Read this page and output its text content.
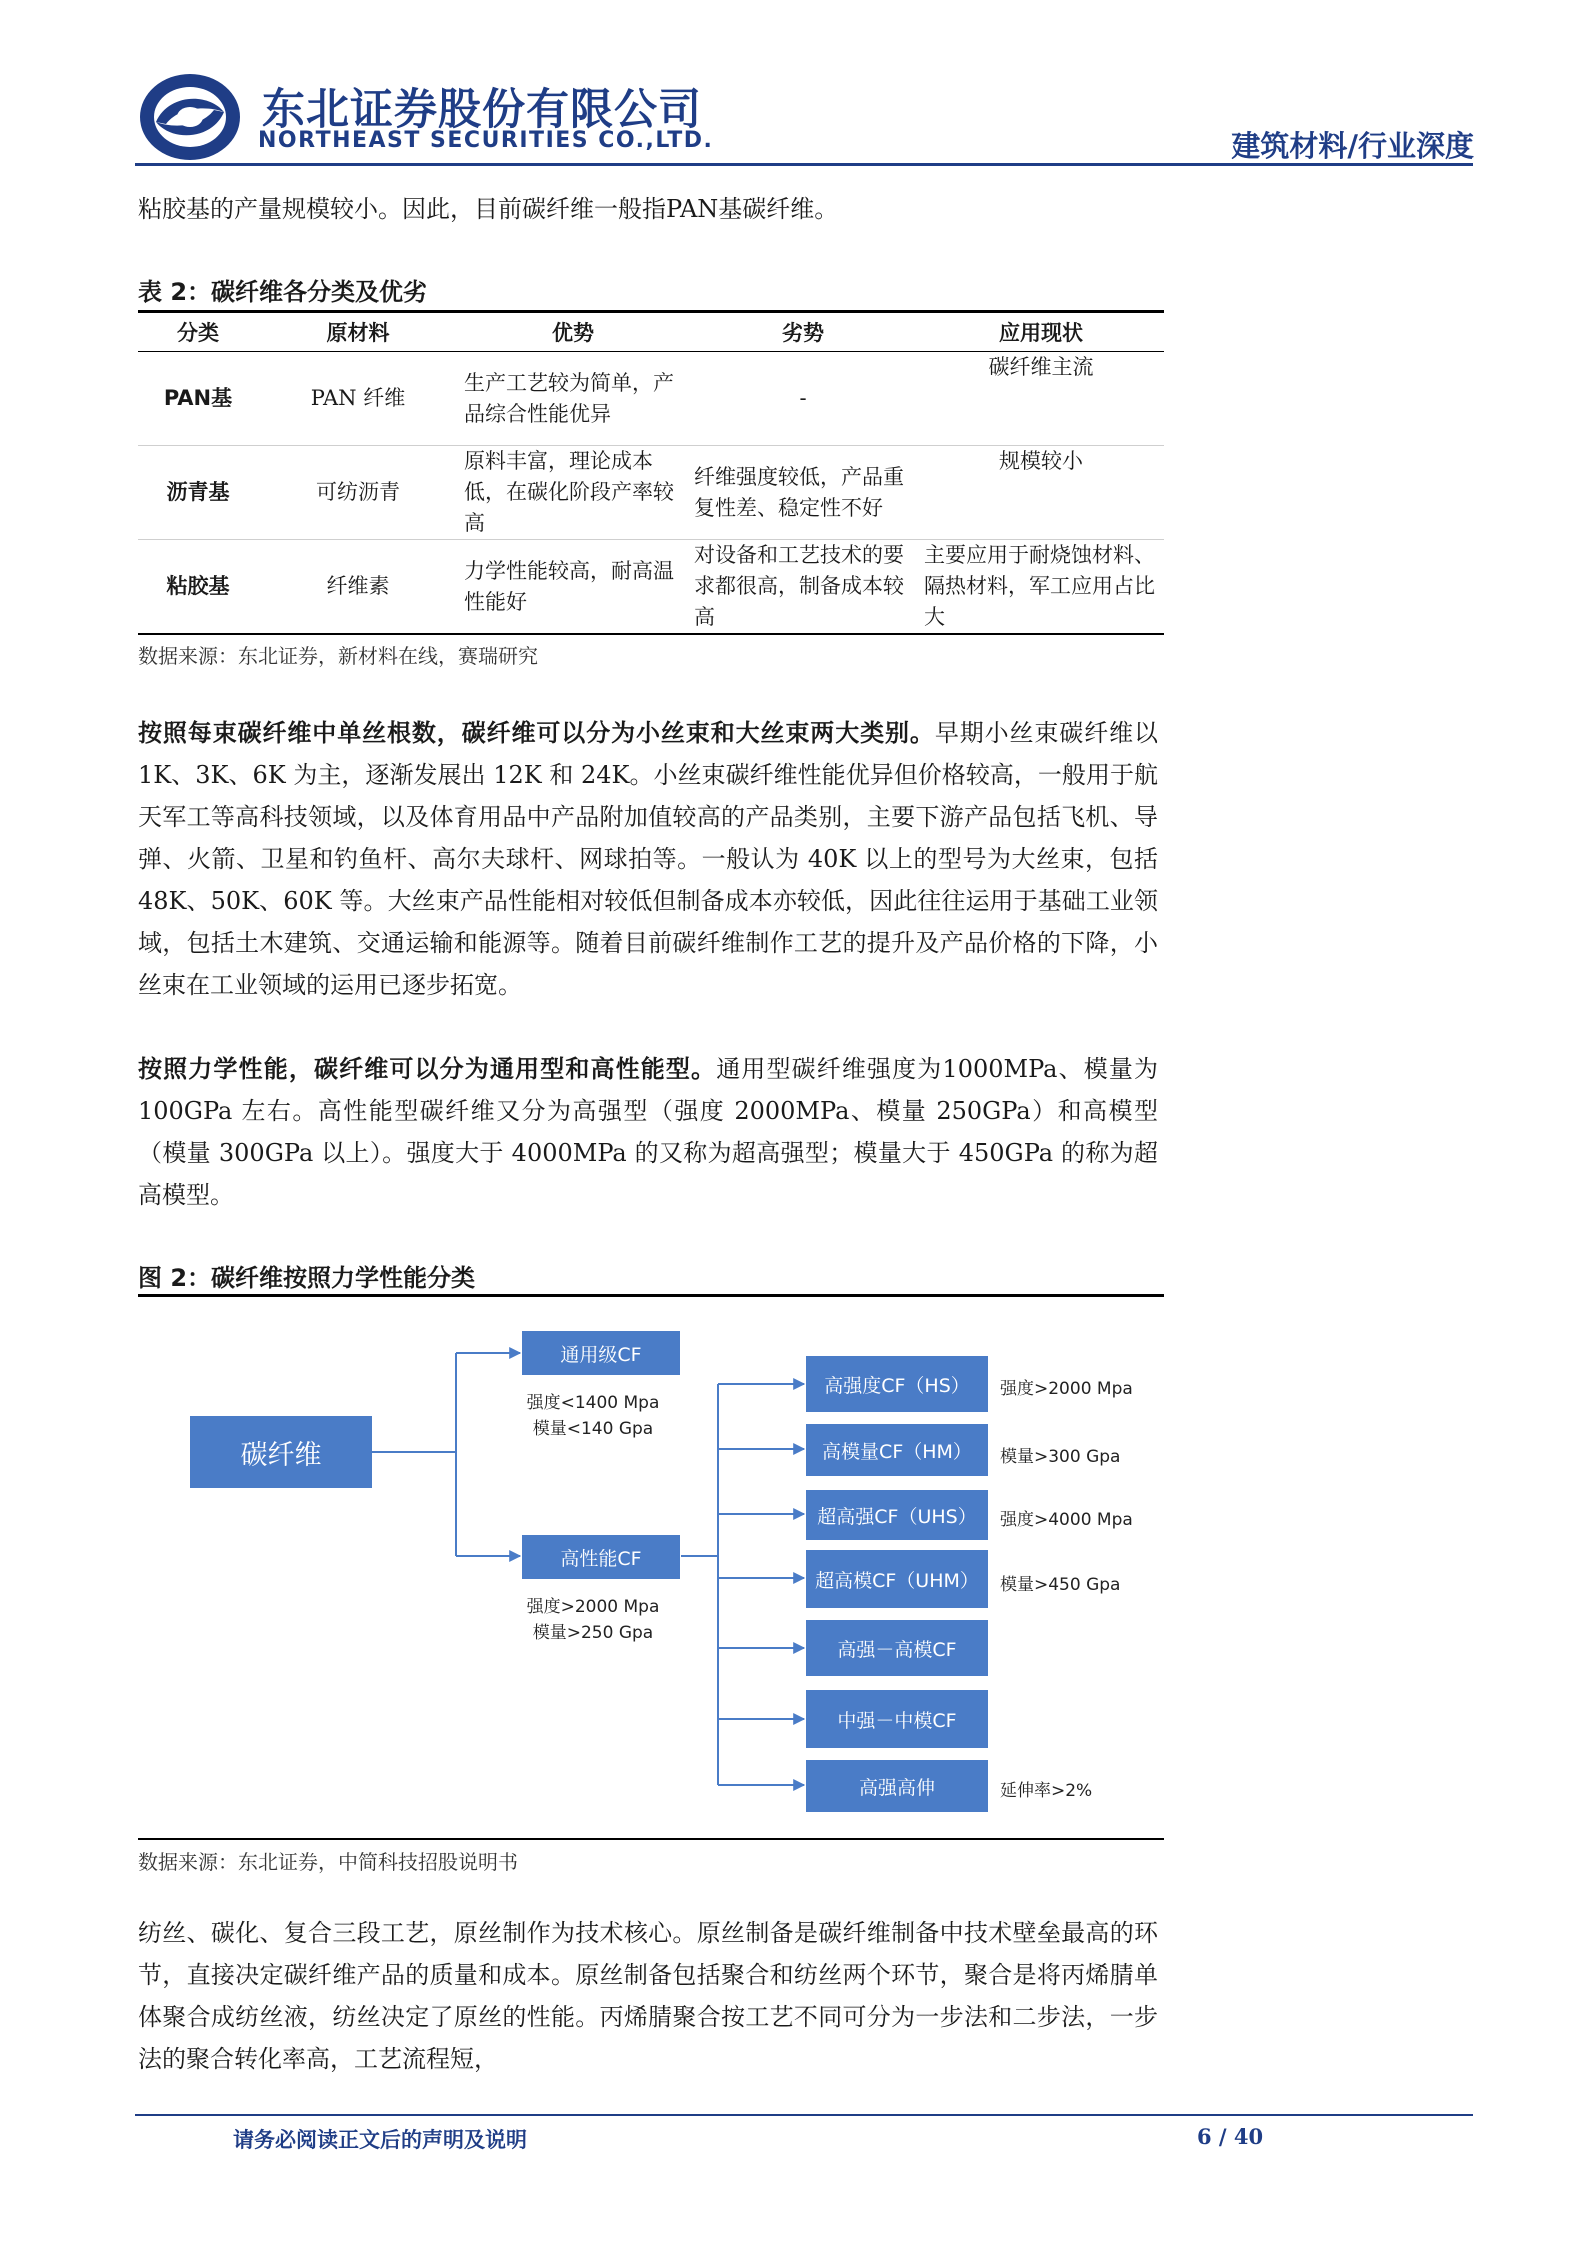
东北证券股份有限公司
NORTHEAST SECURITIES CO.,LTD.	建筑材料/行业深度

粘胶基的产量规模较小。因此，目前碳纤维一般指PAN基碳纤维。

表 2：碳纤维各分类及优劣
分类	原材料	优势	劣势	应用现状
PAN基	PAN 纤维	生产工艺较为简单，产品综合性能优异	-	碳纤维主流
沥青基	可纺沥青	原料丰富，理论成本低，在碳化阶段产率较高	纤维强度较低，产品重复性差、稳定性不好	规模较小
粘胶基	纤维素	力学性能较高，耐高温性能好	对设备和工艺技术的要求都很高，制备成本较高	主要应用于耐烧蚀材料、隔热材料，军工应用占比大
数据来源：东北证券，新材料在线，赛瑞研究

按照每束碳纤维中单丝根数，碳纤维可以分为小丝束和大丝束两大类别。早期小丝束碳纤维以 1K、3K、6K 为主，逐渐发展出 12K 和 24K。小丝束碳纤维性能优异但价格较高，一般用于航天军工等高科技领域，以及体育用品中产品附加值较高的产品类别，主要下游产品包括飞机、导弹、火箭、卫星和钓鱼杆、高尔夫球杆、网球拍等。一般认为 40K 以上的型号为大丝束，包括 48K、50K、60K 等。大丝束产品性能相对较低但制备成本亦较低，因此往往运用于基础工业领域，包括土木建筑、交通运输和能源等。随着目前碳纤维制作工艺的提升及产品价格的下降，小丝束在工业领域的运用已逐步拓宽。

按照力学性能，碳纤维可以分为通用型和高性能型。通用型碳纤维强度为1000MPa、模量为 100GPa 左右。高性能型碳纤维又分为高强型（强度 2000MPa、模量 250GPa）和高模型（模量 300GPa 以上）。强度大于 4000MPa 的又称为超高强型；模量大于 450GPa 的称为超高模型。

图 2：碳纤维按照力学性能分类
碳纤维
通用级CF
强度<1400 Mpa
模量<140 Gpa
高性能CF
强度>2000 Mpa
模量>250 Gpa
高强度CF（HS）
高模量CF（HM）
超高强CF（UHS）
超高模CF（UHM）
高强－高模CF
中强－中模CF
高强高伸
强度>2000 Mpa
模量>300 Gpa
强度>4000 Mpa
模量>450 Gpa
延伸率>2%
数据来源：东北证券，中简科技招股说明书

纺丝、碳化、复合三段工艺，原丝制作为技术核心。原丝制备是碳纤维制备中技术壁垒最高的环节，直接决定碳纤维产品的质量和成本。原丝制备包括聚合和纺丝两个环节，聚合是将丙烯腈单体聚合成纺丝液，纺丝决定了原丝的性能。丙烯腈聚合按工艺不同可分为一步法和二步法，一步法的聚合转化率高，工艺流程短，

请务必阅读正文后的声明及说明	6 / 40
